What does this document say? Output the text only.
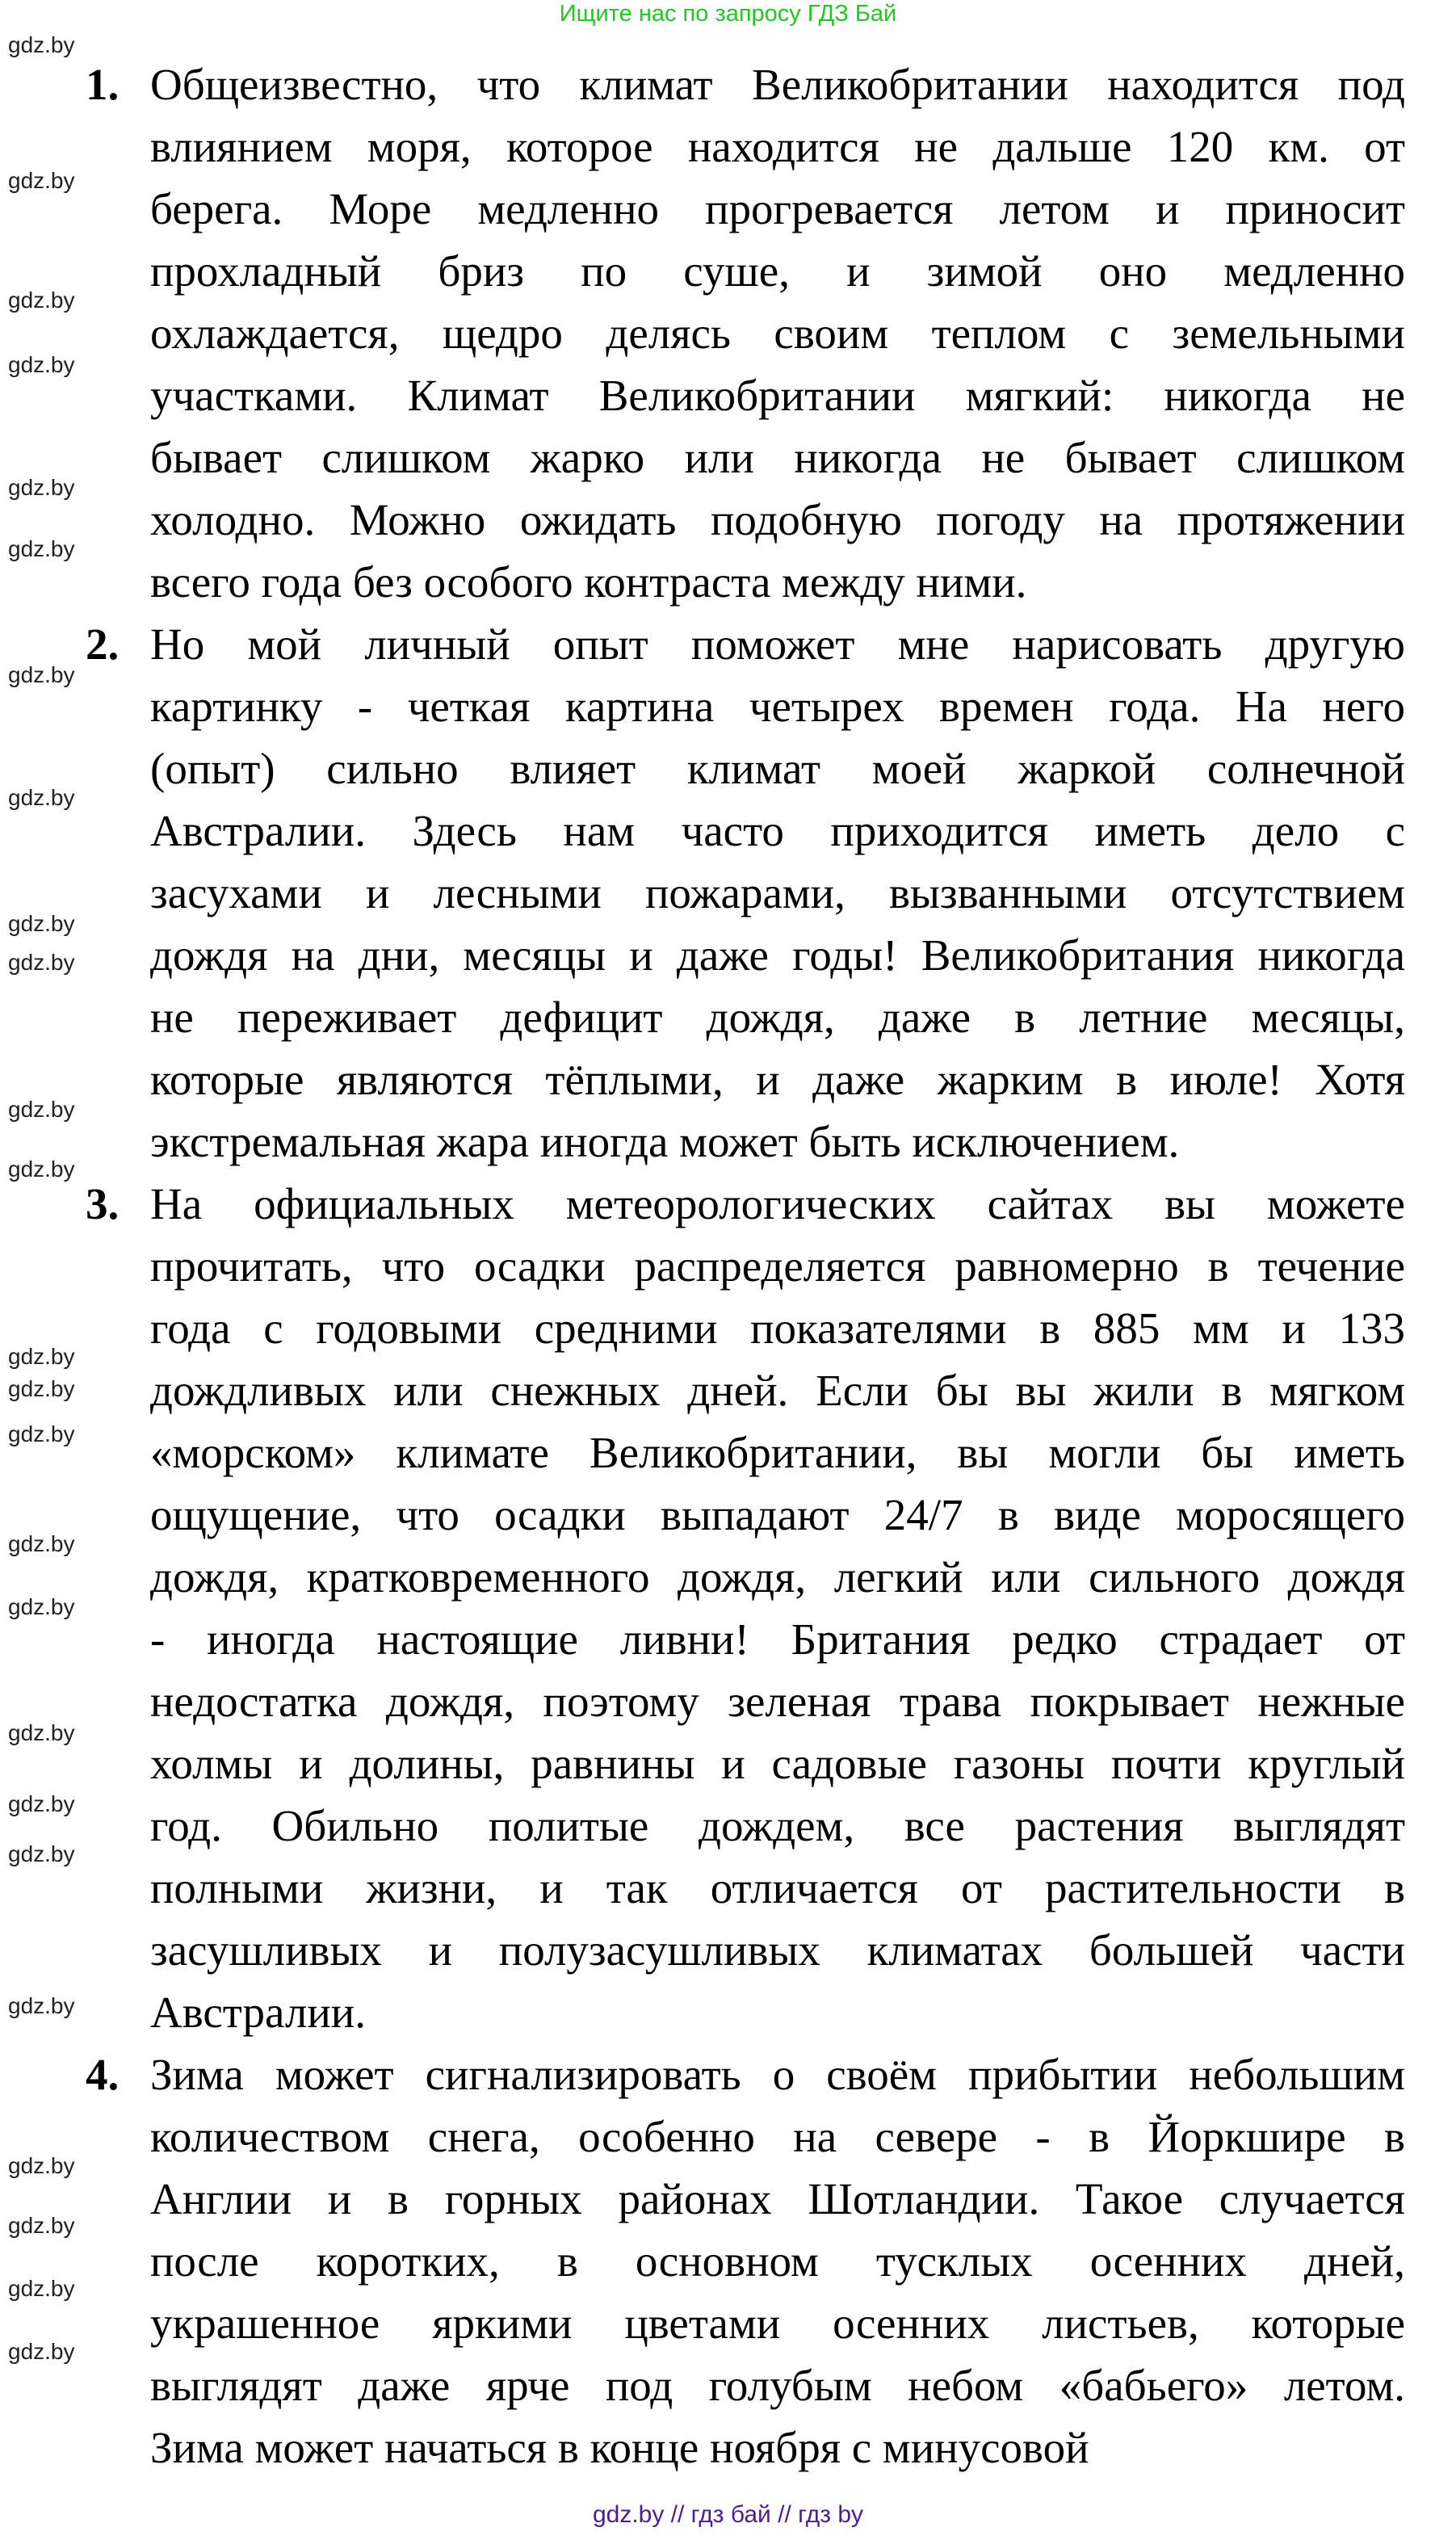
Ищите нас по запросу ГДЗ Бай
1. Общеизвестно, что климат Великобритании находится под
влиянием моря, которое находится не дальше 120 км. от
берега. Море медленно прогревается летом и приносит
прохладный бриз по суше, и зимой оно медленно
охлаждается, щедро делясь своим теплом с земельными
участками. Климат Великобритании мягкий: никогда не
бывает слишком жарко или никогда не бывает слишком
холодно. Можно ожидать подобную погоду на протяжении
всего года без особого контраста между ними.
2. Но мой личный опыт поможет мне нарисовать другую
картинку - четкая картина четырех времен года. На него
(опыт) сильно влияет климат моей жаркой солнечной
Австралии. Здесь нам часто приходится иметь дело с
засухами и лесными пожарами, вызванными отсутствием
дождя на дни, месяцы и даже годы! Великобритания никогда
не переживает дефицит дождя, даже в летние месяцы,
которые являются тёплыми, и даже жарким в июле! Хотя
экстремальная жара иногда может быть исключением.
3. На официальных метеорологических сайтах вы можете
прочитать, что осадки распределяется равномерно в течение
года с годовыми средними показателями в 885 мм и 133
дождливых или снежных дней. Если бы вы жили в мягком
«морском» климате Великобритании, вы могли бы иметь
ощущение, что осадки выпадают 24/7 в виде моросящего
дождя, кратковременного дождя, легкий или сильного дождя
- иногда настоящие ливни! Британия редко страдает от
недостатка дождя, поэтому зеленая трава покрывает нежные
холмы и долины, равнины и садовые газоны почти круглый
год. Обильно политые дождем, все растения выглядят
полными жизни, и так отличается от растительности в
засушливых и полузасушливых климатах большей части
Австралии.
4. Зима может сигнализировать о своём прибытии небольшим
количеством снега, особенно на севере - в Йоркшире в
Англии и в горных районах Шотландии. Такое случается
после коротких, в основном тусклых осенних дней,
украшенное яркими цветами осенних листьев, которые
выглядят даже ярче под голубым небом «бабьего» летом.
Зима может начаться в конце ноября с минусовой
gdz.by
gdz.by
gdz.by
gdz.by
gdz.by
gdz.by
gdz.by
gdz.by
gdz.by
gdz.by
gdz.by
gdz.by
gdz.by
gdz.by
gdz.by
gdz.by
gdz.by
gdz.by
gdz.by
gdz.by
gdz.by
gdz.by
gdz.by
gdz.by
gdz.by
gdz.by // гдз бай // гдз by
